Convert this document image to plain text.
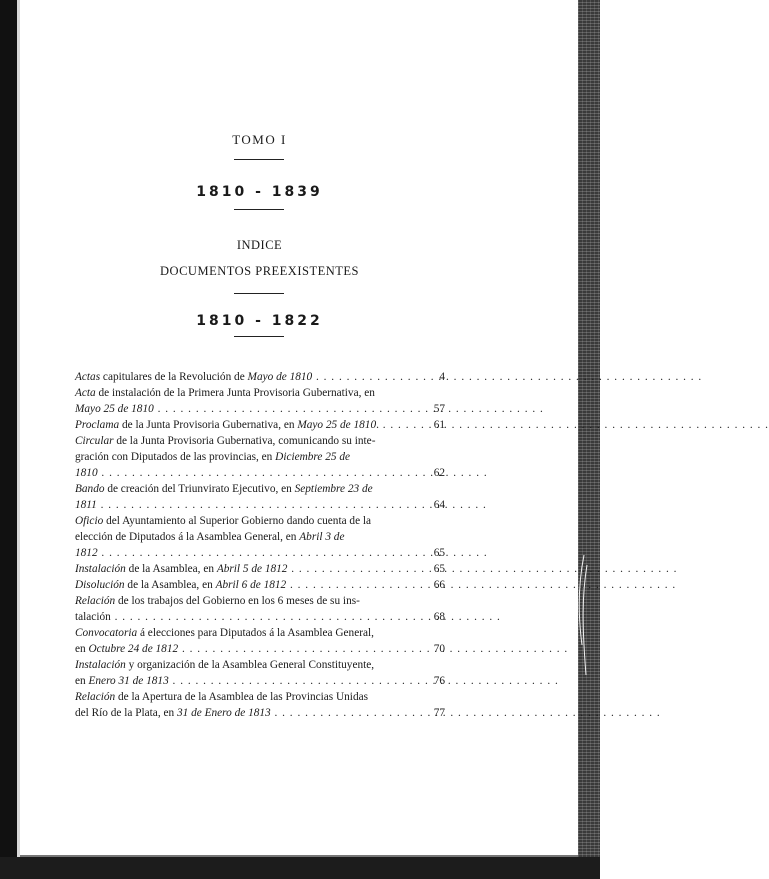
TOMO I
1810 - 1839
INDICE
DOCUMENTOS PREEXISTENTES
1810 - 1822
Actas capitulares de la Revolución de Mayo de 1810 . . .	4
Acta de instalación de la Primera Junta Provisoria Gubernativa, en
Mayo 25 de 1810 . . .	57
Proclama de la Junta Provisoria Gubernativa, en Mayo 25 de 1810. . . .	61
Circular de la Junta Provisoria Gubernativa, comunicando su inte-
gración con Diputados de las provincias, en Diciembre 25 de
1810 . . .	62
Bando de creación del Triunvirato Ejecutivo, en Septiembre 23 de
1811 . . .	64
Oficio del Ayuntamiento al Superior Gobierno dando cuenta de la
elección de Diputados á la Asamblea General, en Abril 3 de
1812 . . .	65
Instalación de la Asamblea, en Abril 5 de 1812 . . .	65
Disolución de la Asamblea, en Abril 6 de 1812 . . .	66
Relación de los trabajos del Gobierno en los 6 meses de su ins-
talación . . .	68
Convocatoria á elecciones para Diputados á la Asamblea General,
en Octubre 24 de 1812 . . .	70
Instalación y organización de la Asamblea General Constituyente,
en Enero 31 de 1813 . . .	76
Relación de la Apertura de la Asamblea de las Provincias Unidas
del Río de la Plata, en 31 de Enero de 1813 . . .	77
